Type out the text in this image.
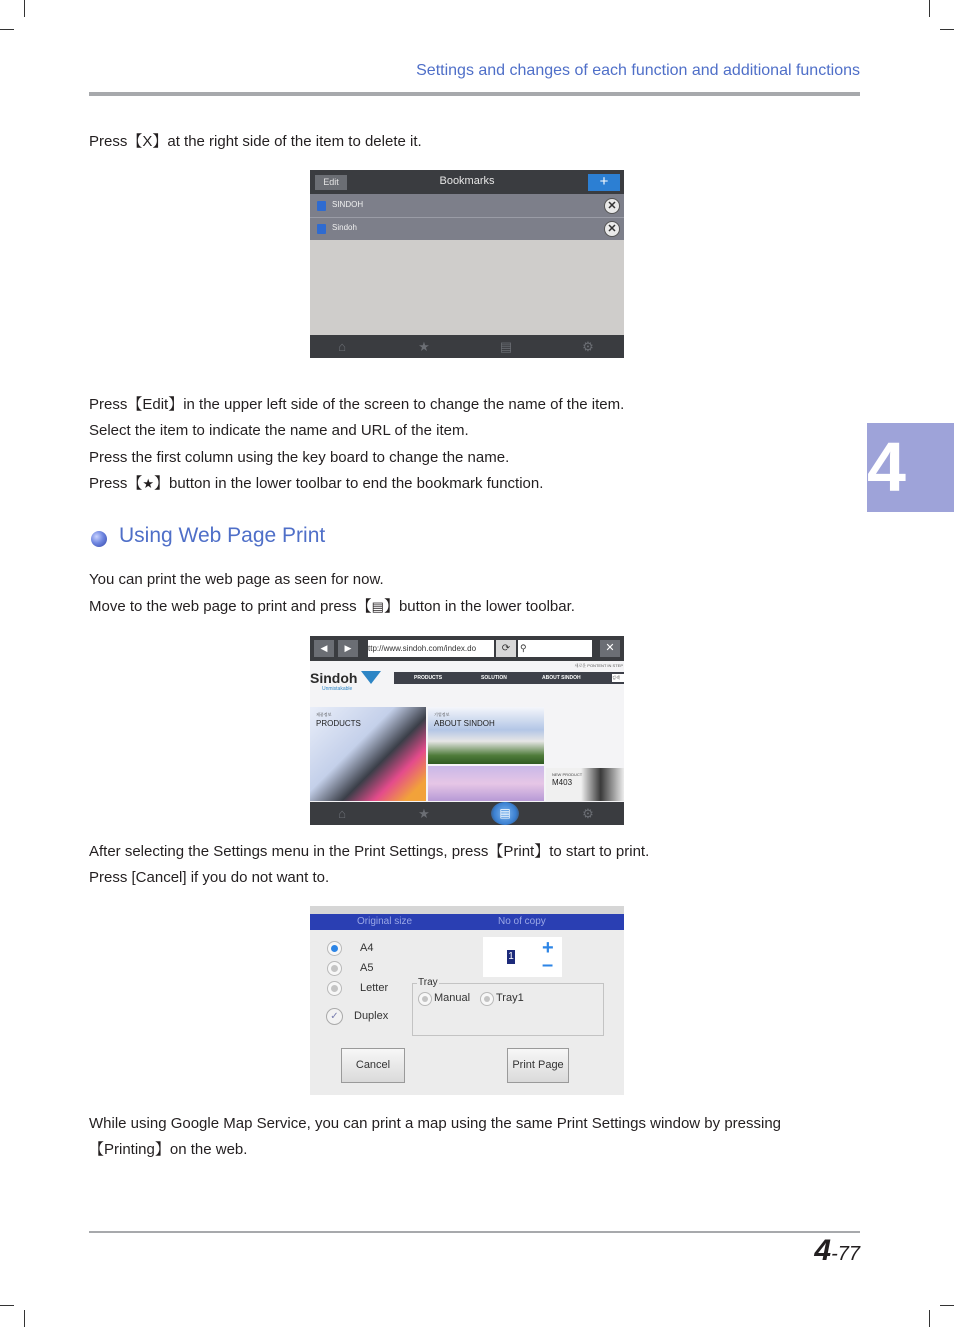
Settings and changes of each function and additional functions
4
Press【X】at the right side of the item to delete it.
Edit	Bookmarks	+
SINDOH	✕
Sindoh	✕
⌂	★	▤	⚙
Press【Edit】in the upper left side of the screen to change the name of the item.
Select the item to indicate the name and URL of the item.
Press the first column using the key board to change the name.
Press【★】button in the lower toolbar to end the bookmark function.
Using Web Page Print
You can print the web page as seen for now.
Move to the web page to print and press【▤】button in the lower toolbar.
◀	▶	ttp://www.sindoh.com/index.do	⟳	⚲	✕
새로운 PONTENT IN STEP
Sindoh
Unmistakable
PRODUCTS	SOLUTION	ABOUT SINDOH	검색
제품정보
PRODUCTS
기업정보
ABOUT SINDOH
NEW PRODUCT
M403
⌂	★	▤	⚙
After selecting the Settings menu in the Print Settings, press【Print】to start to print.
Press [Cancel] if you do not want to.
Original size	No of copy
A4
A5
Letter
✓	Duplex
1 +
–
Tray
Manual Tray1
Cancel	Print Page
While using Google Map Service, you can print a map using the same Print Settings window by pressing
【Printing】on the web.
4-77
